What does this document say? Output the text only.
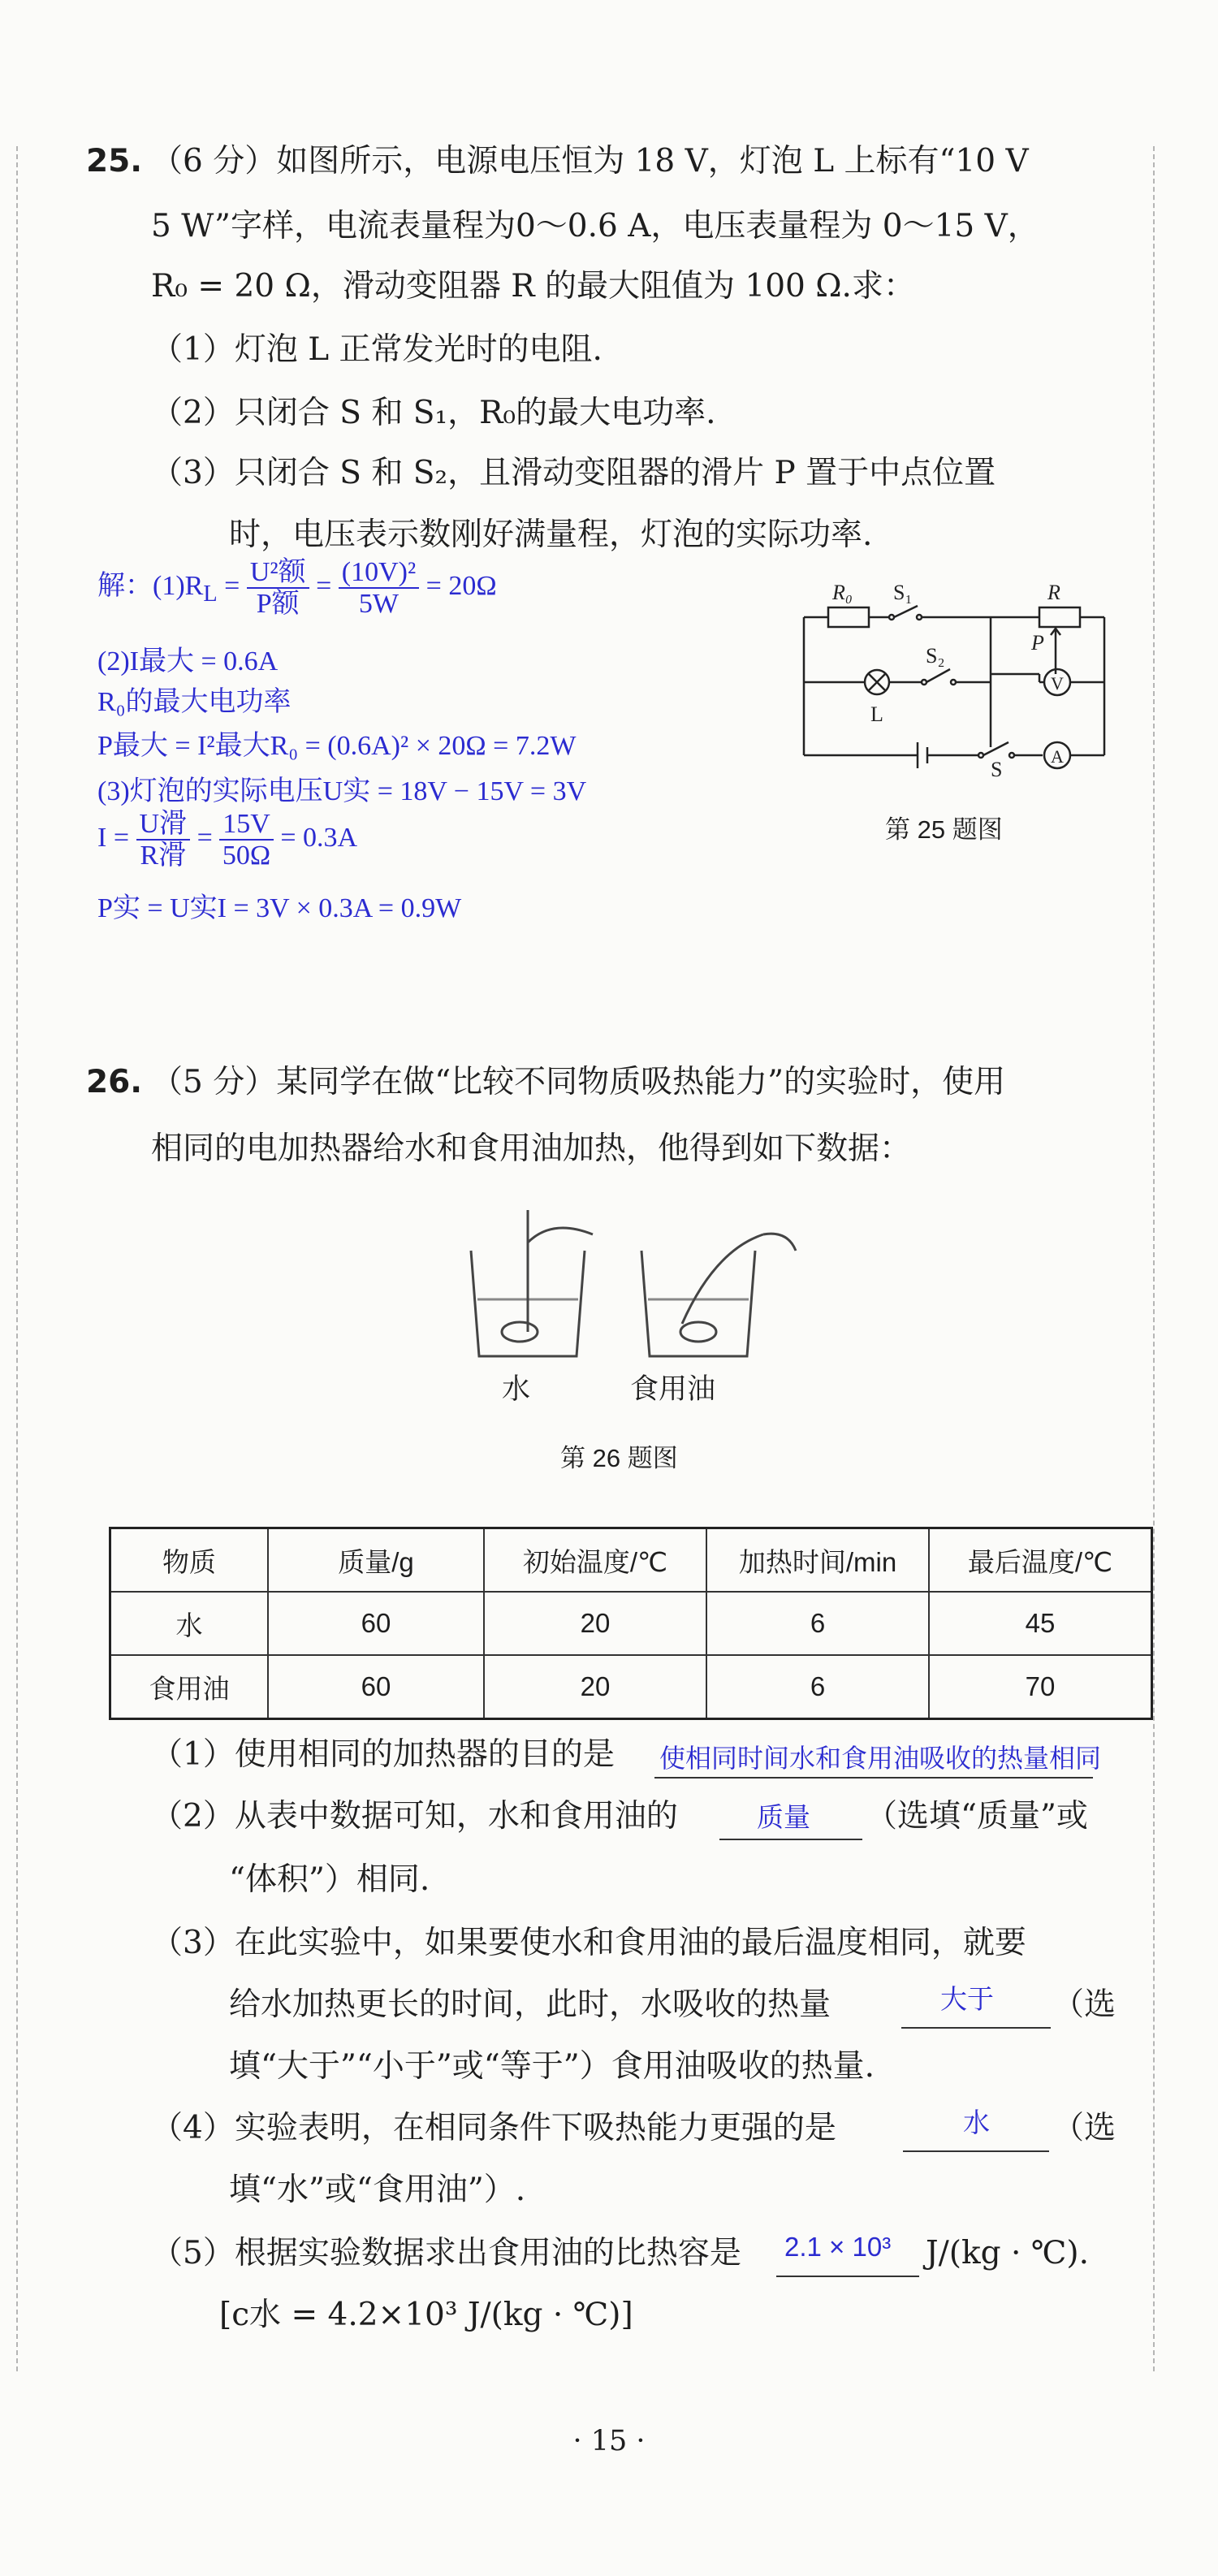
25. （6 分）如图所示，电源电压恒为 18 V，灯泡 L 上标有“10 V
5 W”字样，电流表量程为0～0.6 A，电压表量程为 0～15 V，
R₀ = 20 Ω，滑动变阻器 R 的最大阻值为 100 Ω.求：
（1）灯泡 L 正常发光时的电阻.
（2）只闭合 S 和 S₁，R₀的最大电功率.
（3）只闭合 S 和 S₂，且滑动变阻器的滑片 P 置于中点位置
时，电压表示数刚好满量程，灯泡的实际功率.
解：$(1)R_L = \frac{\text{U²额}}{\text{P额}} = \frac{\text{(10V)²}}{5W} = 20\Omega$
(2)I最大 = 0.6A
R₀的最大电功率
P最大 = I²最大R₀ = (0.6A)² × 20Ω = 7.2W
(3)灯泡的实际电压U实 = 18V − 15V = 3V
$I = \frac{\text{U滑}}{\text{R滑}} = \frac{15V}{50\Omega} = 0.3A$
P实 = U实I = 3V × 0.3A = 0.9W
R₀ S₁	R
P
S₂
V
L
S
A
第 25 题图
26. （5 分）某同学在做“比较不同物质吸热能力”的实验时，使用
相同的电加热器给水和食用油加热，他得到如下数据：
水	食用油
第 26 题图
物质	质量/g	初始温度/℃	加热时间/min	最后温度/℃
水	60	20	6	45
食用油	60	20	6	70
（1）使用相同的加热器的目的是 使相同时间水和食用油吸收的热量相同
（2）从表中数据可知，水和食用油的	质量 （选填“质量”或
“体积”）相同.
（3）在此实验中，如果要使水和食用油的最后温度相同，就要
给水加热更长的时间，此时，水吸收的热量	大于 （选
填“大于”“小于”或“等于”）食用油吸收的热量.
（4）实验表明，在相同条件下吸热能力更强的是	水 （选
填“水”或“食用油”）.
（5）根据实验数据求出食用油的比热容是 2.1 × 10³ J/(kg · ℃).
[c水 = 4.2×10³ J/(kg · ℃)]
· 15 ·
